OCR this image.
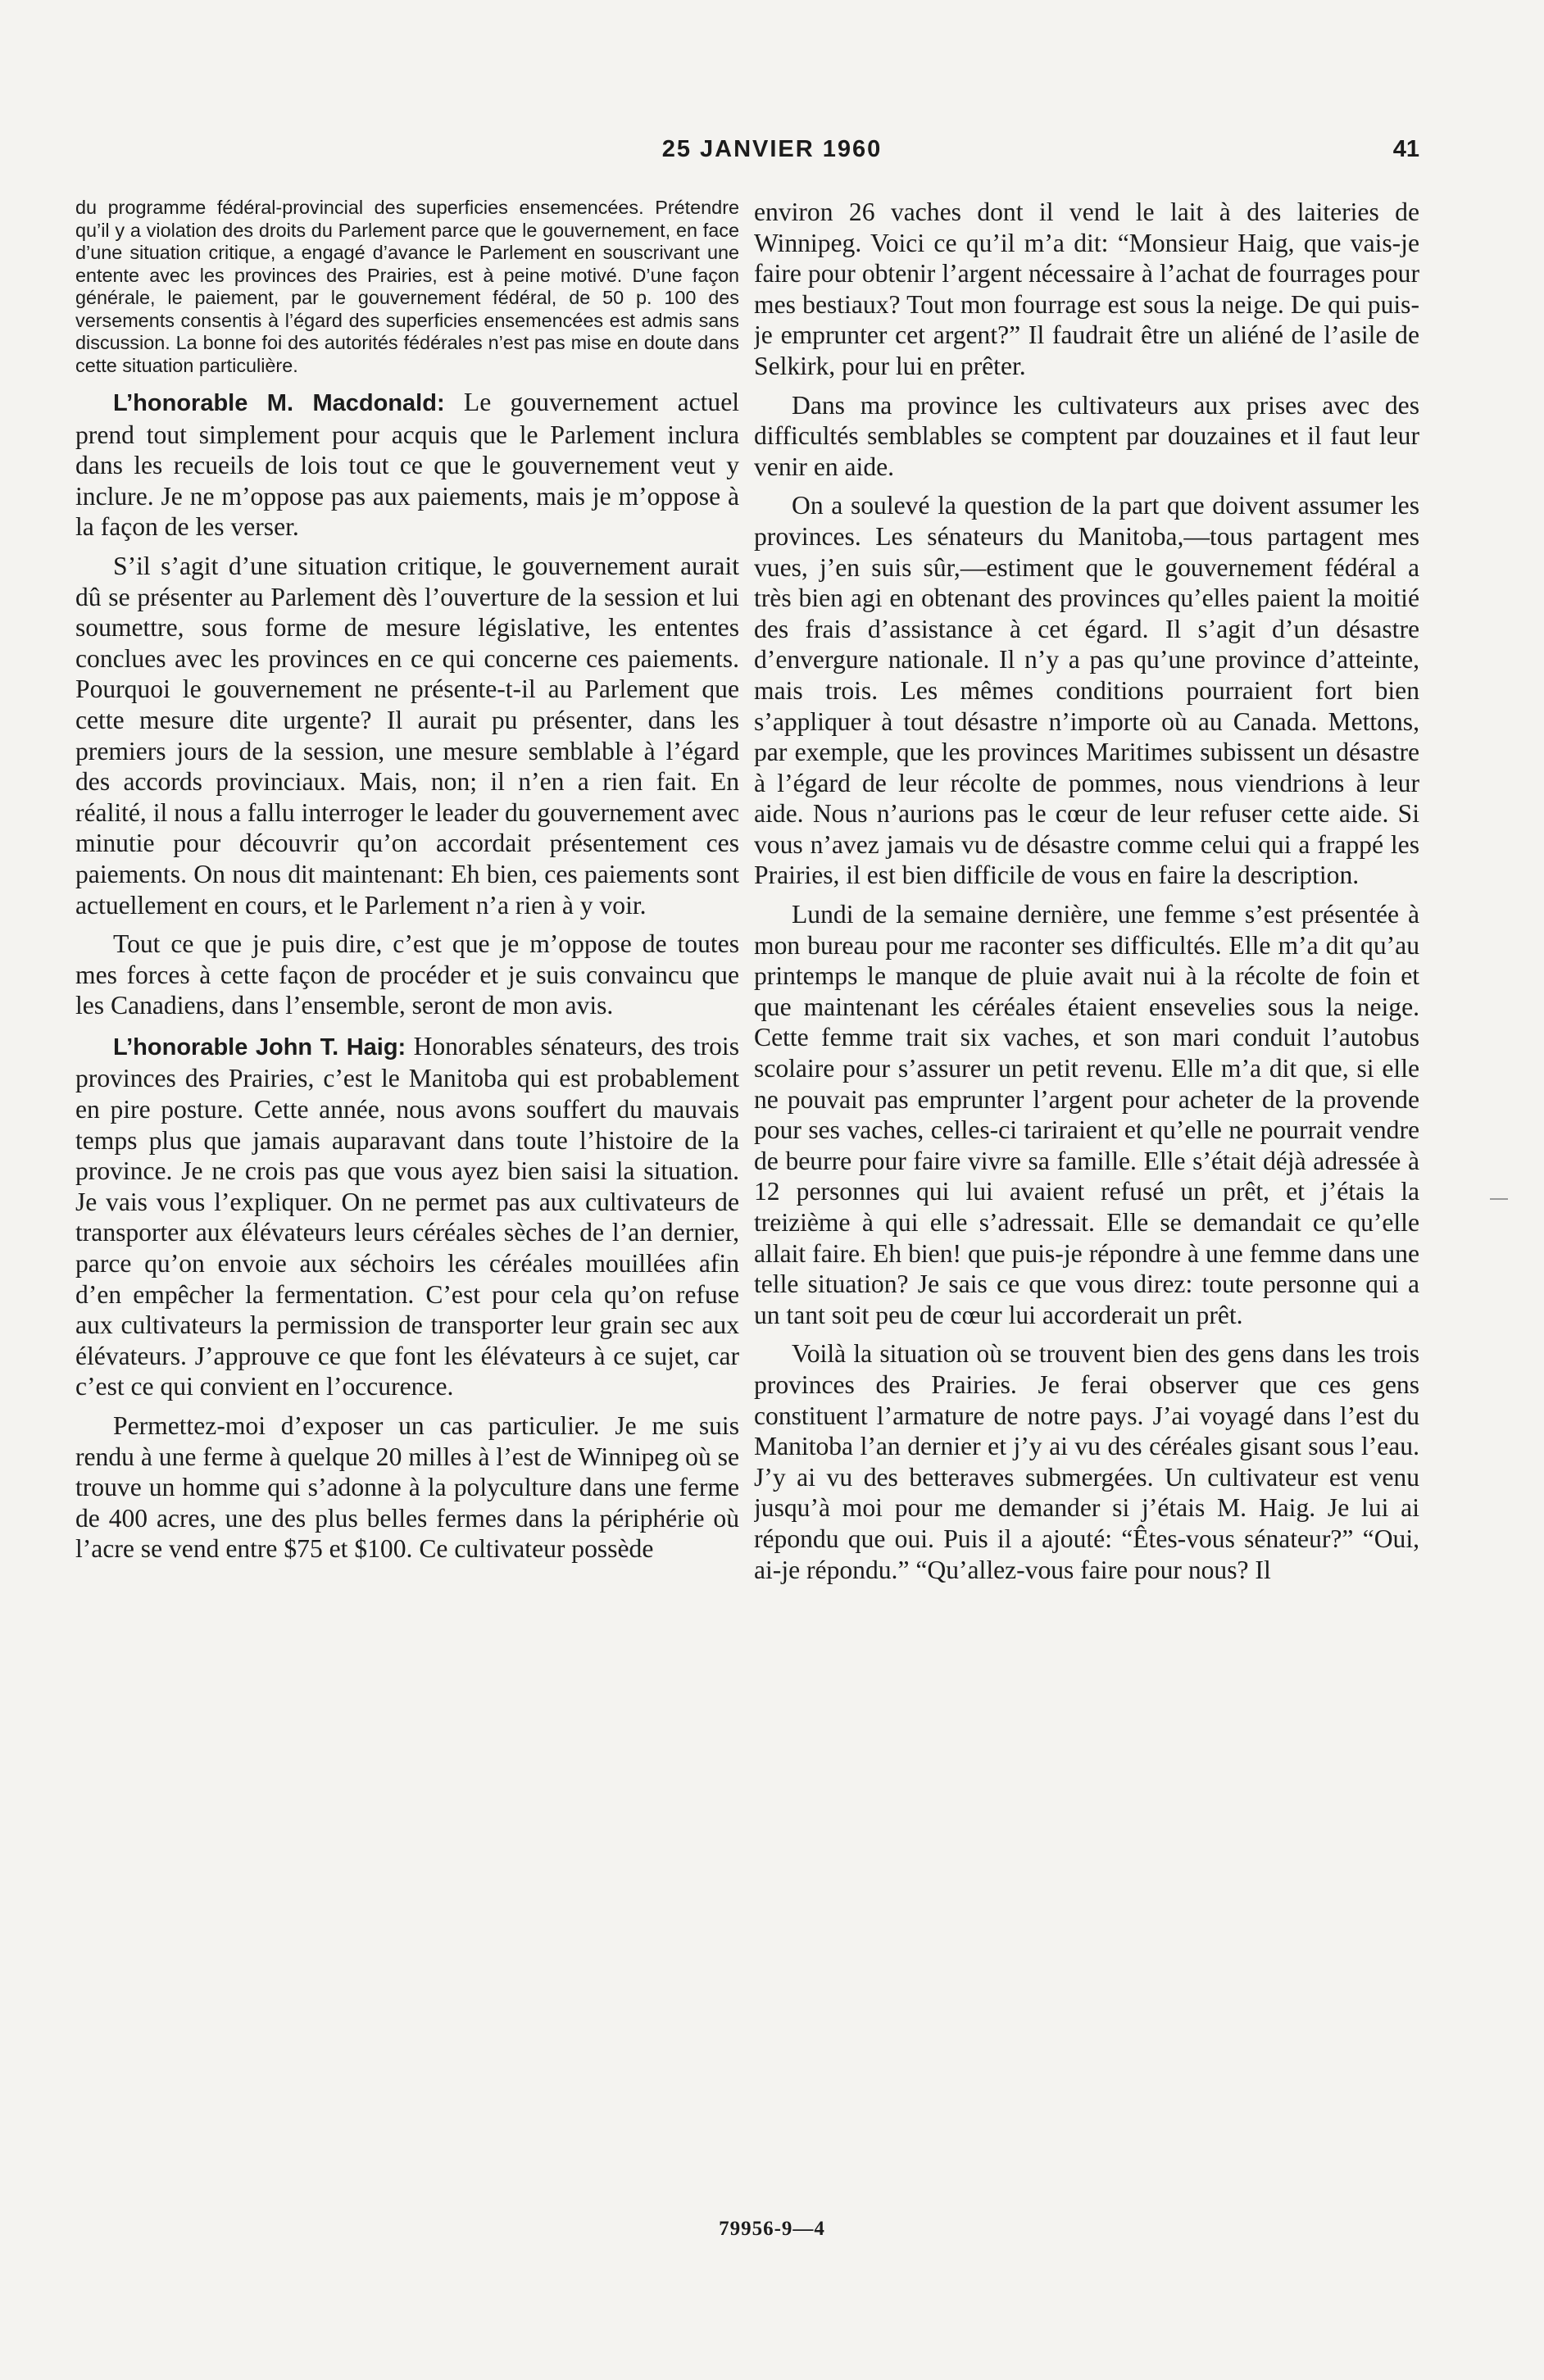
25 JANVIER 1960	41

du programme fédéral-provincial des superficies ensemencées. Prétendre qu’il y a violation des droits du Parlement parce que le gouvernement, en face d’une situation critique, a engagé d’avance le Parlement en souscrivant une entente avec les provinces des Prairies, est à peine motivé. D’une façon générale, le paiement, par le gouvernement fédéral, de 50 p. 100 des versements consentis à l’égard des superficies ensemencées est admis sans discussion. La bonne foi des autorités fédérales n’est pas mise en doute dans cette situation particulière.

L’honorable M. Macdonald: Le gouvernement actuel prend tout simplement pour acquis que le Parlement inclura dans les recueils de lois tout ce que le gouvernement veut y inclure. Je ne m’oppose pas aux paiements, mais je m’oppose à la façon de les verser.

S’il s’agit d’une situation critique, le gouvernement aurait dû se présenter au Parlement dès l’ouverture de la session et lui soumettre, sous forme de mesure législative, les ententes conclues avec les provinces en ce qui concerne ces paiements. Pourquoi le gouvernement ne présente-t-il au Parlement que cette mesure dite urgente? Il aurait pu présenter, dans les premiers jours de la session, une mesure semblable à l’égard des accords provinciaux. Mais, non; il n’en a rien fait. En réalité, il nous a fallu interroger le leader du gouvernement avec minutie pour découvrir qu’on accordait présentement ces paiements. On nous dit maintenant: Eh bien, ces paiements sont actuellement en cours, et le Parlement n’a rien à y voir.

Tout ce que je puis dire, c’est que je m’oppose de toutes mes forces à cette façon de procéder et je suis convaincu que les Canadiens, dans l’ensemble, seront de mon avis.

L’honorable John T. Haig: Honorables sénateurs, des trois provinces des Prairies, c’est le Manitoba qui est probablement en pire posture. Cette année, nous avons souffert du mauvais temps plus que jamais auparavant dans toute l’histoire de la province. Je ne crois pas que vous ayez bien saisi la situation. Je vais vous l’expliquer. On ne permet pas aux cultivateurs de transporter aux élévateurs leurs céréales sèches de l’an dernier, parce qu’on envoie aux séchoirs les céréales mouillées afin d’en empêcher la fermentation. C’est pour cela qu’on refuse aux cultivateurs la permission de transporter leur grain sec aux élévateurs. J’approuve ce que font les élévateurs à ce sujet, car c’est ce qui convient en l’occurence.

Permettez-moi d’exposer un cas particulier. Je me suis rendu à une ferme à quelque 20 milles à l’est de Winnipeg où se trouve un homme qui s’adonne à la polyculture dans une ferme de 400 acres, une des plus belles fermes dans la périphérie où l’acre se vend entre $75 et $100. Ce cultivateur possède

environ 26 vaches dont il vend le lait à des laiteries de Winnipeg. Voici ce qu’il m’a dit: “Monsieur Haig, que vais-je faire pour obtenir l’argent nécessaire à l’achat de fourrages pour mes bestiaux? Tout mon fourrage est sous la neige. De qui puis-je emprunter cet argent?” Il faudrait être un aliéné de l’asile de Selkirk, pour lui en prêter.

Dans ma province les cultivateurs aux prises avec des difficultés semblables se comptent par douzaines et il faut leur venir en aide.

On a soulevé la question de la part que doivent assumer les provinces. Les sénateurs du Manitoba,—tous partagent mes vues, j’en suis sûr,—estiment que le gouvernement fédéral a très bien agi en obtenant des provinces qu’elles paient la moitié des frais d’assistance à cet égard. Il s’agit d’un désastre d’envergure nationale. Il n’y a pas qu’une province d’atteinte, mais trois. Les mêmes conditions pourraient fort bien s’appliquer à tout désastre n’importe où au Canada. Mettons, par exemple, que les provinces Maritimes subissent un désastre à l’égard de leur récolte de pommes, nous viendrions à leur aide. Nous n’aurions pas le cœur de leur refuser cette aide. Si vous n’avez jamais vu de désastre comme celui qui a frappé les Prairies, il est bien difficile de vous en faire la description.

Lundi de la semaine dernière, une femme s’est présentée à mon bureau pour me raconter ses difficultés. Elle m’a dit qu’au printemps le manque de pluie avait nui à la récolte de foin et que maintenant les céréales étaient ensevelies sous la neige. Cette femme trait six vaches, et son mari conduit l’autobus scolaire pour s’assurer un petit revenu. Elle m’a dit que, si elle ne pouvait pas emprunter l’argent pour acheter de la provende pour ses vaches, celles-ci tariraient et qu’elle ne pourrait vendre de beurre pour faire vivre sa famille. Elle s’était déjà adressée à 12 personnes qui lui avaient refusé un prêt, et j’étais la treizième à qui elle s’adressait. Elle se demandait ce qu’elle allait faire. Eh bien! que puis-je répondre à une femme dans une telle situation? Je sais ce que vous direz: toute personne qui a un tant soit peu de cœur lui accorderait un prêt.

Voilà la situation où se trouvent bien des gens dans les trois provinces des Prairies. Je ferai observer que ces gens constituent l’armature de notre pays. J’ai voyagé dans l’est du Manitoba l’an dernier et j’y ai vu des céréales gisant sous l’eau. J’y ai vu des betteraves submergées. Un cultivateur est venu jusqu’à moi pour me demander si j’étais M. Haig. Je lui ai répondu que oui. Puis il a ajouté: “Êtes-vous sénateur?” “Oui, ai-je répondu.” “Qu’allez-vous faire pour nous? Il

79956-9—4
